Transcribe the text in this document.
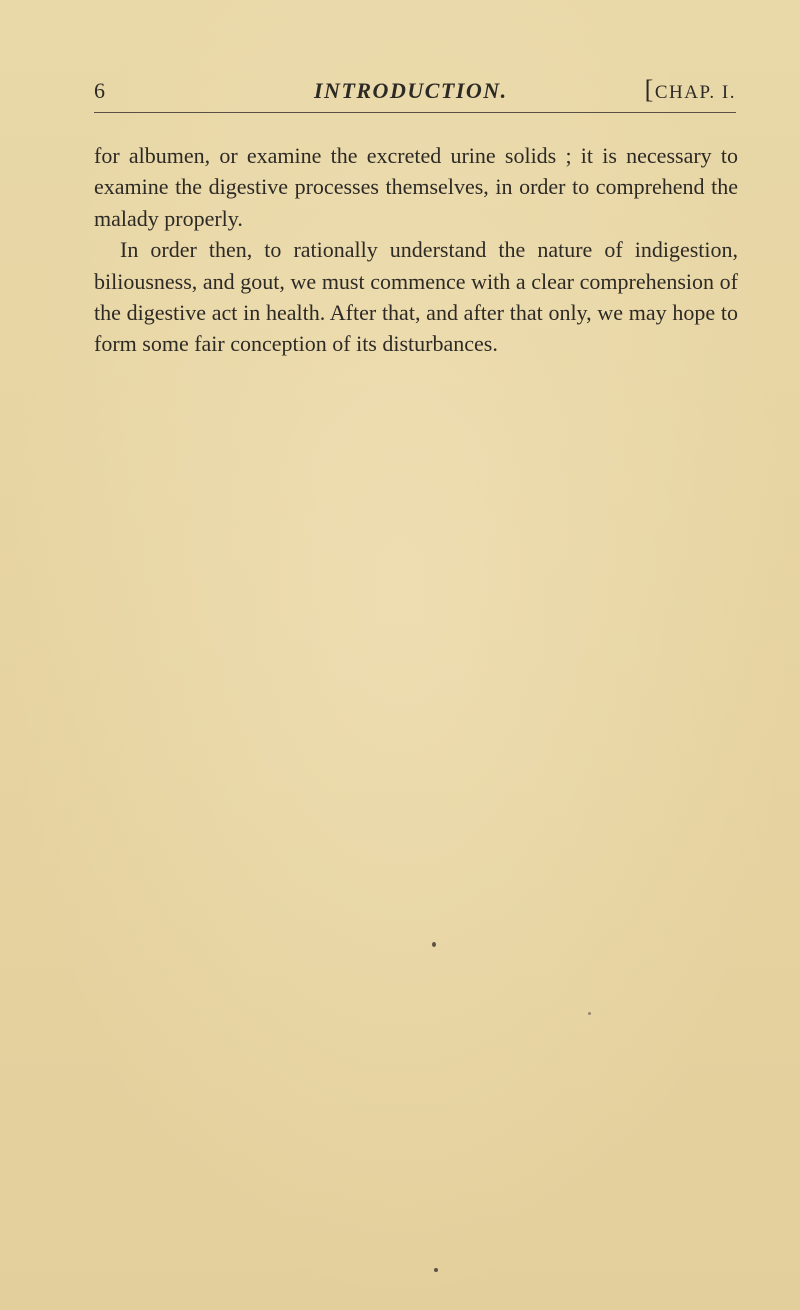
6	INTRODUCTION.	[CHAP. I.

for albumen, or examine the excreted urine solids ; it is necessary to examine the digestive processes themselves, in order to comprehend the malady properly.

In order then, to rationally understand the nature of indigestion, biliousness, and gout, we must commence with a clear comprehension of the digestive act in health. After that, and after that only, we may hope to form some fair conception of its disturbances.
